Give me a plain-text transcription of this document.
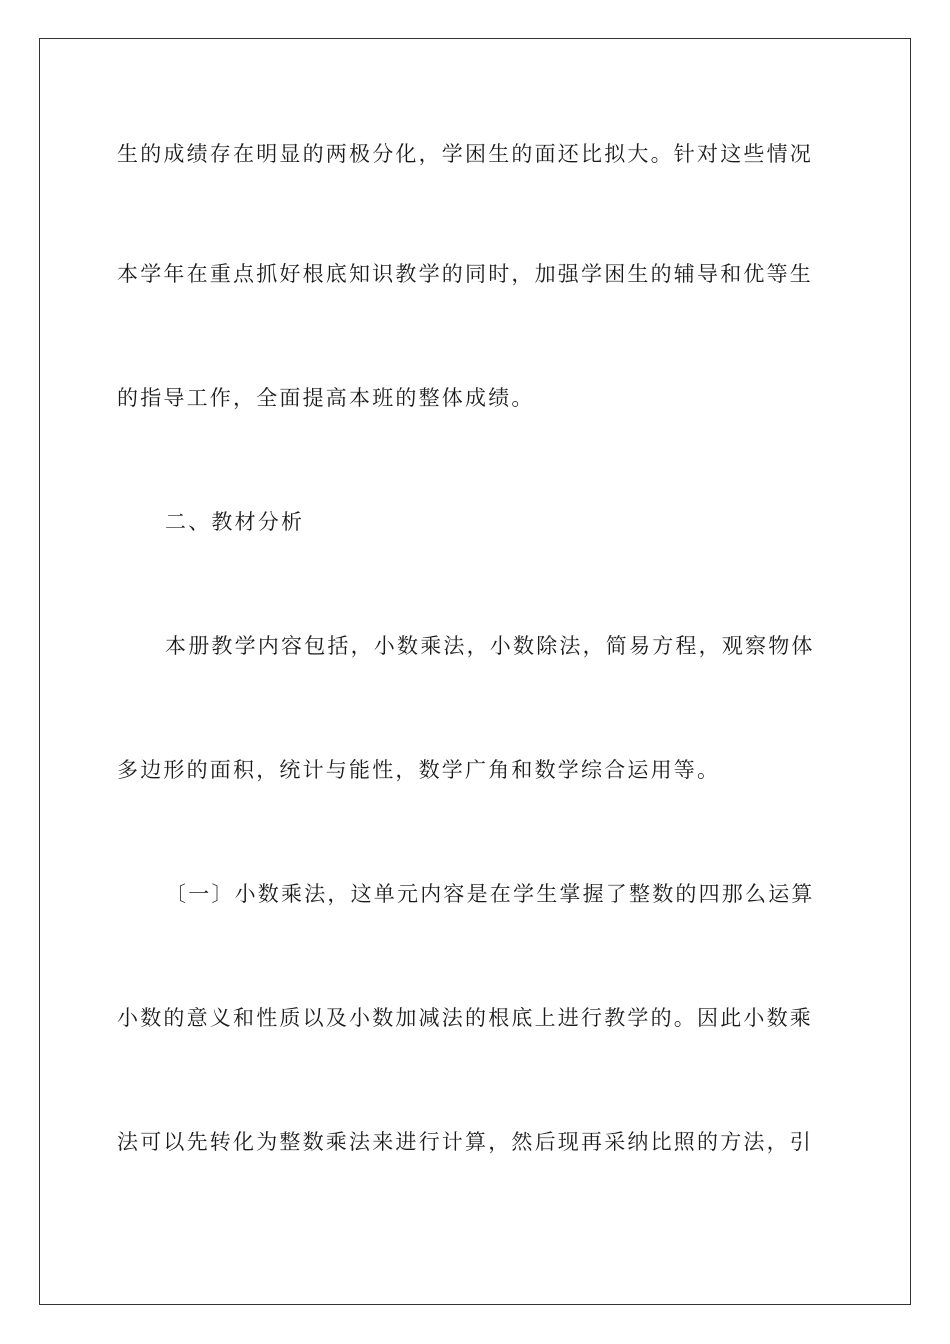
生的成绩存在明显的两极分化，学困生的面还比拟大。针对这些情况
本学年在重点抓好根底知识教学的同时，加强学困生的辅导和优等生
的指导工作，全面提高本班的整体成绩。
二、教材分析
本册教学内容包括，小数乘法，小数除法，简易方程，观察物体
多边形的面积，统计与能性，数学广角和数学综合运用等。
〔一〕小数乘法，这单元内容是在学生掌握了整数的四那么运算
小数的意义和性质以及小数加减法的根底上进行教学的。因此小数乘
法可以先转化为整数乘法来进行计算，然后现再采纳比照的方法，引
